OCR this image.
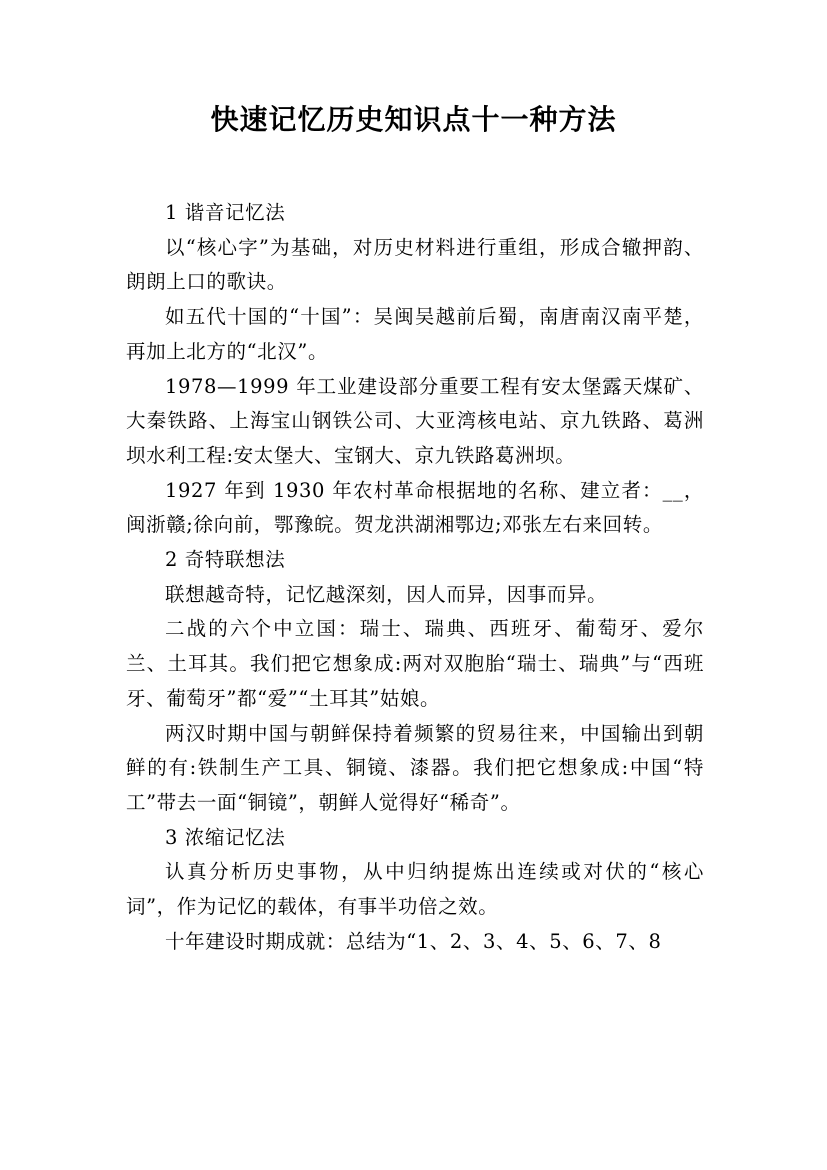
快速记忆历史知识点十一种方法

1 谐音记忆法

以“核心字”为基础，对历史材料进行重组，形成合辙押韵、朗朗上口的歌诀。

如五代十国的“十国”：吴闽吴越前后蜀，南唐南汉南平楚，再加上北方的“北汉”。

1978—1999 年工业建设部分重要工程有安太堡露天煤矿、大秦铁路、上海宝山钢铁公司、大亚湾核电站、京九铁路、葛洲坝水利工程:安太堡大、宝钢大、京九铁路葛洲坝。

1927 年到 1930 年农村革命根据地的名称、建立者：__，闽浙赣;徐向前，鄂豫皖。贺龙洪湖湘鄂边;邓张左右来回转。

2 奇特联想法

联想越奇特，记忆越深刻，因人而异，因事而异。

二战的六个中立国：瑞士、瑞典、西班牙、葡萄牙、爱尔兰、土耳其。我们把它想象成:两对双胞胎“瑞士、瑞典”与“西班牙、葡萄牙”都“爱”“土耳其”姑娘。

两汉时期中国与朝鲜保持着频繁的贸易往来，中国输出到朝鲜的有:铁制生产工具、铜镜、漆器。我们把它想象成:中国“特工”带去一面“铜镜”，朝鲜人觉得好“稀奇”。

3 浓缩记忆法

认真分析历史事物，从中归纳提炼出连续或对伏的“核心词”，作为记忆的载体，有事半功倍之效。

十年建设时期成就：总结为“1、2、3、4、5、6、7、8
